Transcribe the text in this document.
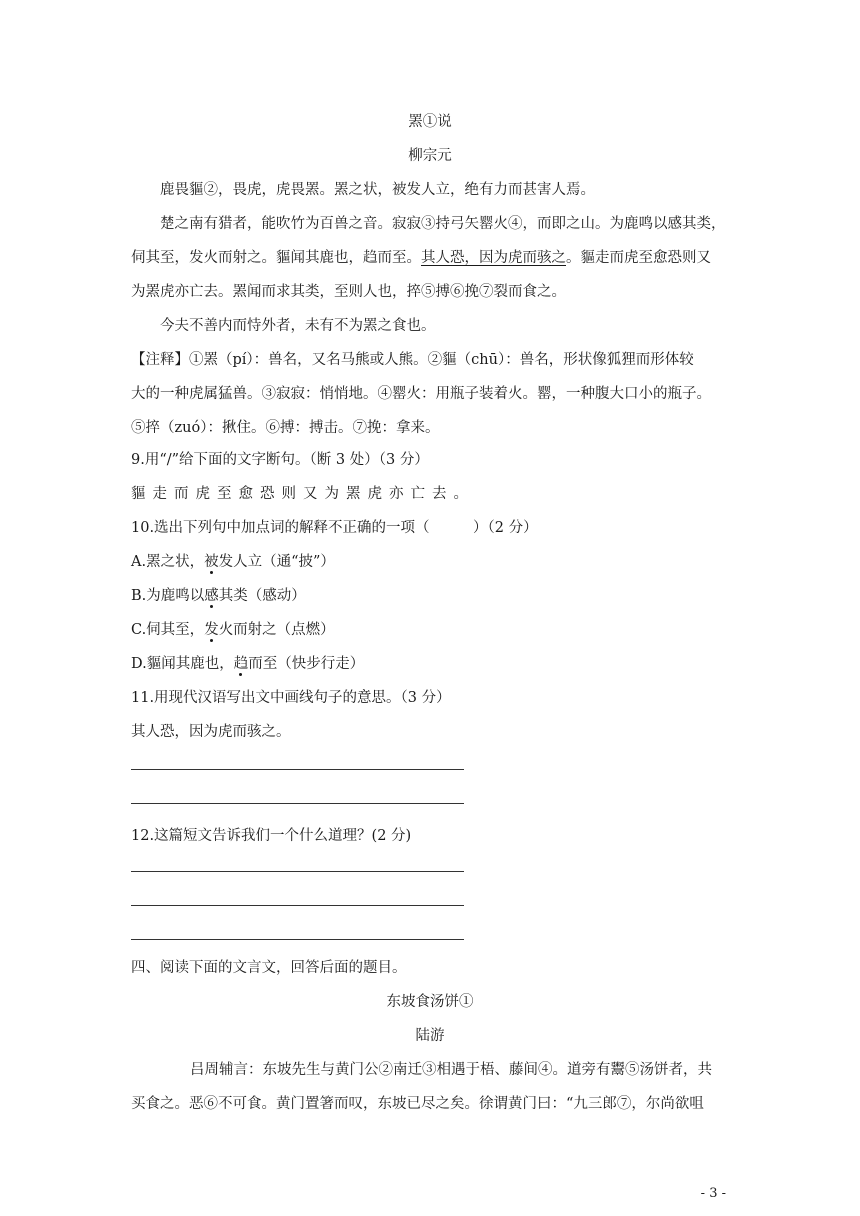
罴①说
柳宗元
鹿畏貙②，畏虎，虎畏罴。罴之状，被发人立，绝有力而甚害人焉。
楚之南有猎者，能吹竹为百兽之音。寂寂③持弓矢罂火④，而即之山。为鹿鸣以感其类，
伺其至，发火而射之。貙闻其鹿也，趋而至。其人恐，因为虎而骇之。貙走而虎至愈恐则又
为罴虎亦亡去。罴闻而求其类，至则人也，捽⑤搏⑥挽⑦裂而食之。
今夫不善内而恃外者，未有不为罴之食也。
【注释】①罴（pí）：兽名，又名马熊或人熊。②貙（chū）：兽名，形状像狐狸而形体较
大的一种虎属猛兽。③寂寂：悄悄地。④罂火：用瓶子装着火。罂，一种腹大口小的瓶子。
⑤捽（zuó）：揪住。⑥搏：搏击。⑦挽：拿来。
9.用“/”给下面的文字断句。（断 3 处）（3 分）
貙走而虎至愈恐则又为罴虎亦亡去。
10.选出下列句中加点词的解释不正确的一项（　　　）（2 分）
A.罴之状，被发人立（通“披”）
B.为鹿鸣以感其类（感动）
C.伺其至，发火而射之（点燃）
D.貙闻其鹿也，趋而至（快步行走）
11.用现代汉语写出文中画线句子的意思。（3 分）
其人恐，因为虎而骇之。
12.这篇短文告诉我们一个什么道理？(2 分)
四、阅读下面的文言文，回答后面的题目。
东坡食汤饼①
陆游
吕周辅言：东坡先生与黄门公②南迁③相遇于梧、藤间④。道旁有鬻⑤汤饼者，共
买食之。恶⑥不可食。黄门置箸而叹，东坡已尽之矣。徐谓黄门曰：“九三郎⑦，尔尚欲咀
- 3 -
